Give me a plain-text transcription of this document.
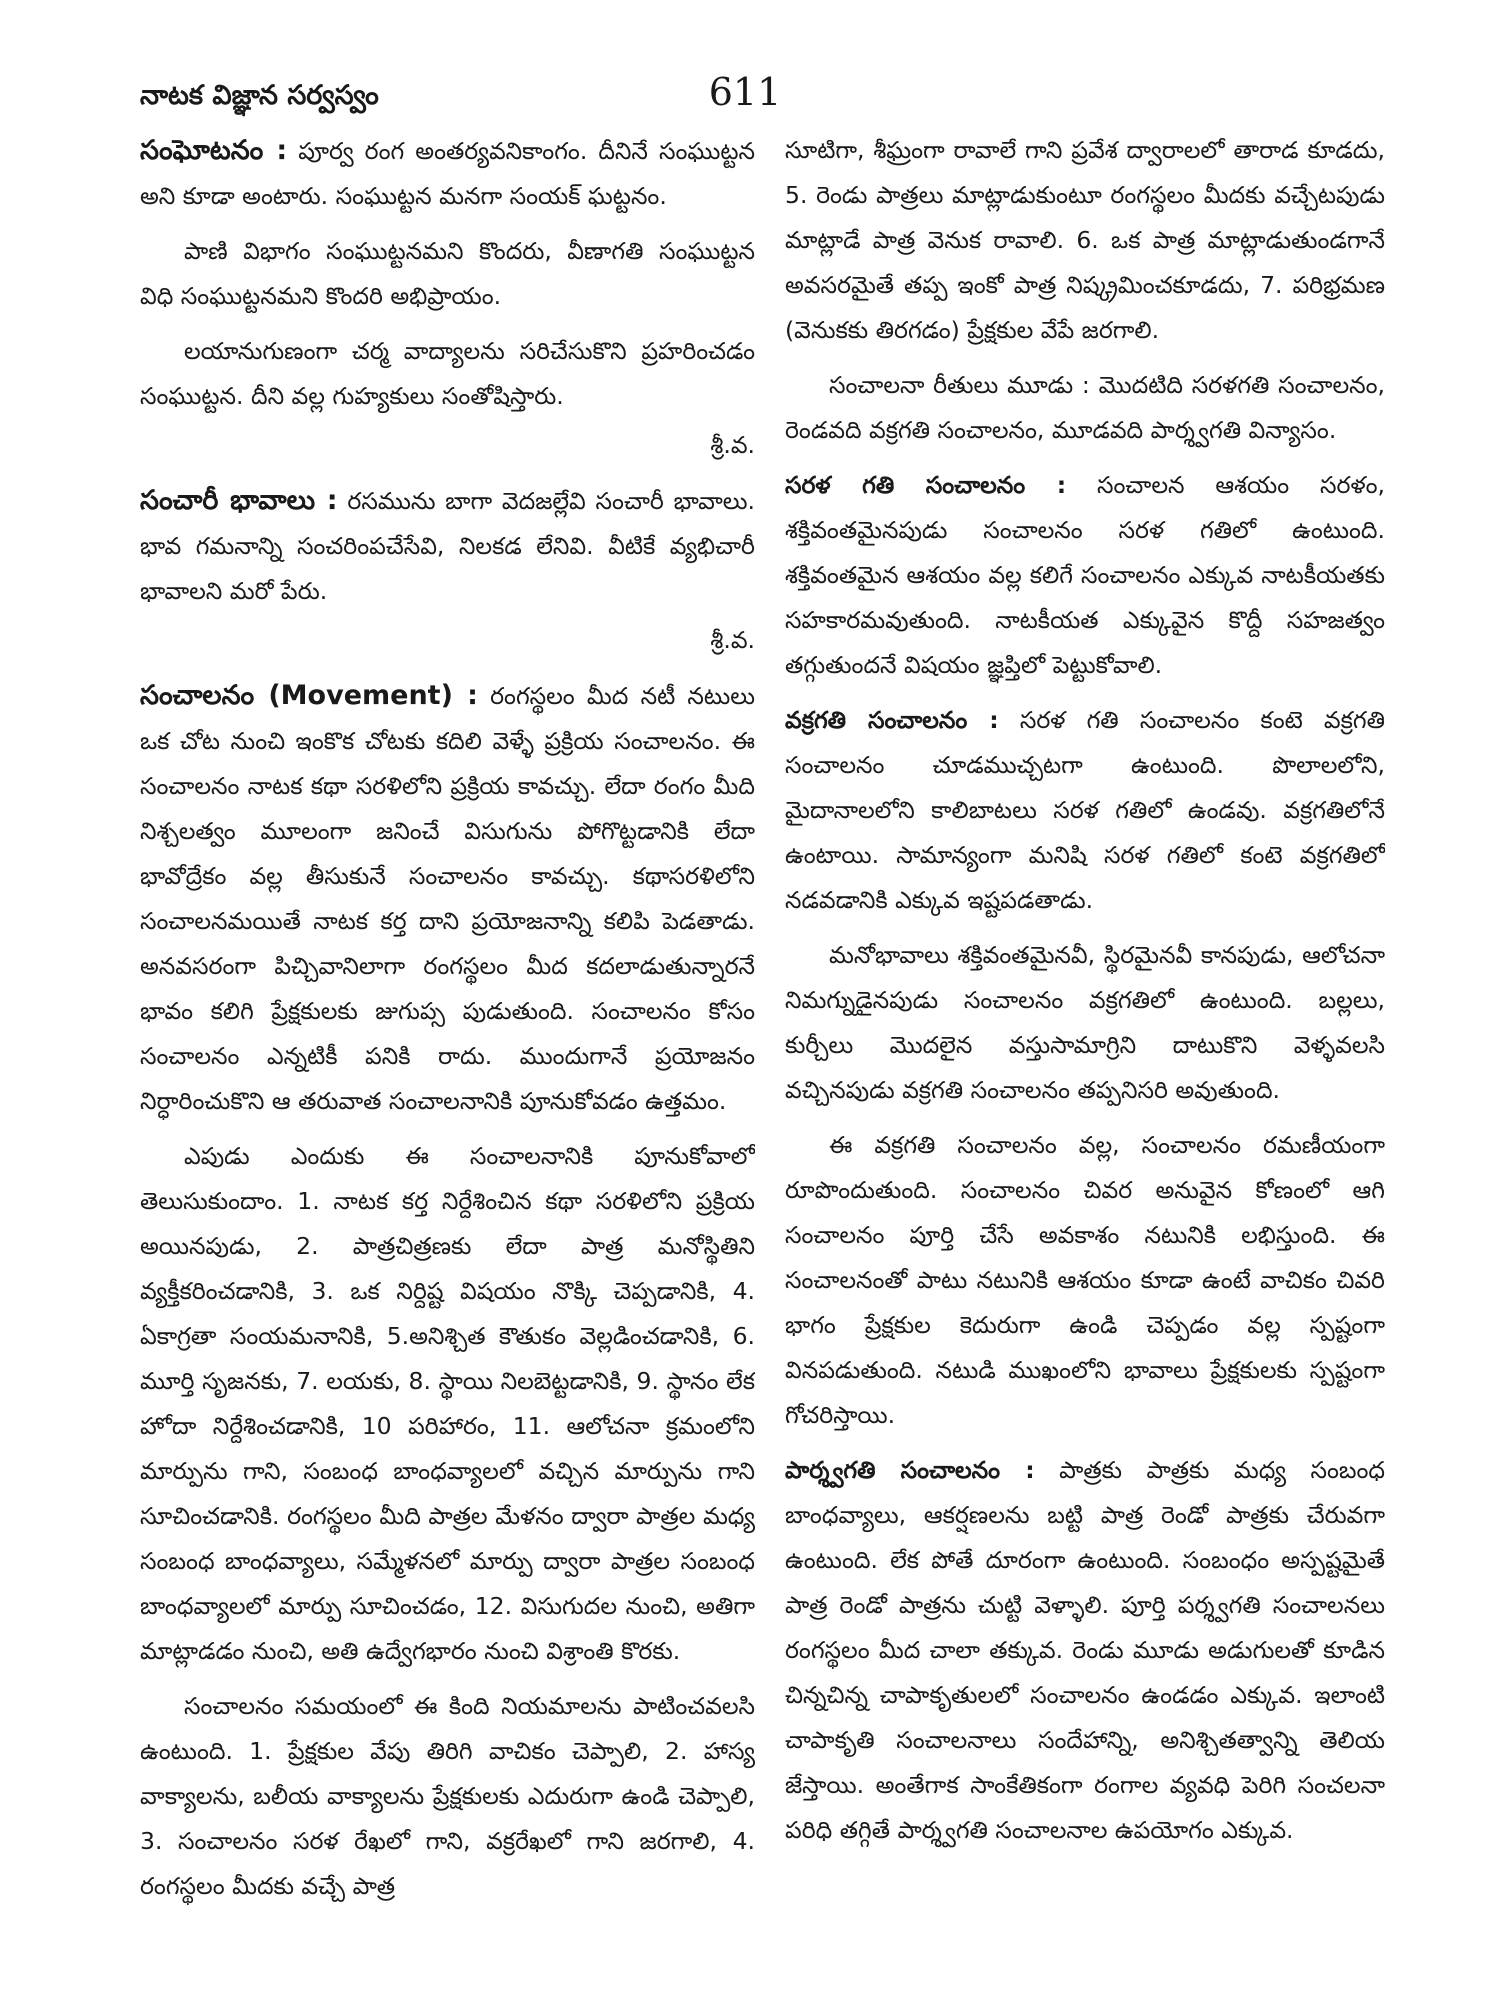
నాటక విజ్ఞాన సర్వస్వం	611

సంఘోటనం : పూర్వ రంగ అంతర్యవనికాంగం. దీనినే సంఘుట్టన అని కూడా అంటారు. సంఘుట్టన మనగా సంయక్ ఘట్టనం.

పాణి విభాగం సంఘుట్టనమని కొందరు, వీణాగతి సంఘుట్టన విధి సంఘుట్టనమని కొందరి అభిప్రాయం.

లయానుగుణంగా చర్మ వాద్యాలను సరిచేసుకొని ప్రహరించడం సంఘుట్టన. దీని వల్ల గుహ్యకులు సంతోషిస్తారు.

శ్రీ.వ.

సంచారీ భావాలు : రసమును బాగా వెదజల్లేవి సంచారీ భావాలు. భావ గమనాన్ని సంచరింపచేసేవి, నిలకడ లేనివి. వీటికే వ్యభిచారీ భావాలని మరో పేరు.

శ్రీ.వ.

సంచాలనం (Movement) : రంగస్థలం మీద నటీ నటులు ఒక చోట నుంచి ఇంకొక చోటకు కదిలి వెళ్ళే ప్రక్రియ సంచాలనం. ఈ సంచాలనం నాటక కథా సరళిలోని ప్రక్రియ కావచ్చు. లేదా రంగం మీది నిశ్చలత్వం మూలంగా జనించే విసుగును పోగొట్టడానికి లేదా భావోద్రేకం వల్ల తీసుకునే సంచాలనం కావచ్చు. కథాసరళిలోని సంచాలనమయితే నాటక కర్త దాని ప్రయోజనాన్ని కలిపి పెడతాడు. అనవసరంగా పిచ్చివానిలాగా రంగస్థలం మీద కదలాడుతున్నారనే భావం కలిగి ప్రేక్షకులకు జుగుప్స పుడుతుంది. సంచాలనం కోసం సంచాలనం ఎన్నటికీ పనికి రాదు. ముందుగానే ప్రయోజనం నిర్ధారించుకొని ఆ తరువాత సంచాలనానికి పూనుకోవడం ఉత్తమం.

ఎపుడు ఎందుకు ఈ సంచాలనానికి పూనుకోవాలో తెలుసుకుందాం. 1. నాటక కర్త నిర్దేశించిన కథా సరళిలోని ప్రక్రియ అయినపుడు, 2. పాత్రచిత్రణకు లేదా పాత్ర మనోస్థితిని వ్యక్తీకరించడానికి, 3. ఒక నిర్దిష్ట విషయం నొక్కి చెప్పడానికి, 4. ఏకాగ్రతా సంయమనానికి, 5.అనిశ్చిత కౌతుకం వెల్లడించడానికి, 6. మూర్తి సృజనకు, 7. లయకు, 8. స్థాయి నిలబెట్టడానికి, 9. స్థానం లేక హోదా నిర్దేశించడానికి, 10 పరిహారం, 11. ఆలోచనా క్రమంలోని మార్పును గాని, సంబంధ బాంధవ్యాలలో వచ్చిన మార్పును గాని సూచించడానికి. రంగస్థలం మీది పాత్రల మేళనం ద్వారా పాత్రల మధ్య సంబంధ బాంధవ్యాలు, సమ్మేళనలో మార్పు ద్వారా పాత్రల సంబంధ బాంధవ్యాలలో మార్పు సూచించడం, 12. విసుగుదల నుంచి, అతిగా మాట్లాడడం నుంచి, అతి ఉద్వేగభారం నుంచి విశ్రాంతి కొరకు.

సంచాలనం సమయంలో ఈ కింది నియమాలను పాటించవలసి ఉంటుంది. 1. ప్రేక్షకుల వేపు తిరిగి వాచికం చెప్పాలి, 2. హాస్య వాక్యాలను, బలీయ వాక్యాలను ప్రేక్షకులకు ఎదురుగా ఉండి చెప్పాలి, 3. సంచాలనం సరళ రేఖలో గాని, వక్రరేఖలో గాని జరగాలి, 4. రంగస్థలం మీదకు వచ్చే పాత్ర

సూటిగా, శీఘ్రంగా రావాలే గాని ప్రవేశ ద్వారాలలో తారాడ కూడదు, 5. రెండు పాత్రలు మాట్లాడుకుంటూ రంగస్థలం మీదకు వచ్చేటపుడు మాట్లాడే పాత్ర వెనుక రావాలి. 6. ఒక పాత్ర మాట్లాడుతుండగానే అవసరమైతే తప్ప ఇంకో పాత్ర నిష్క్రమించకూడదు, 7. పరిభ్రమణ (వెనుకకు తిరగడం) ప్రేక్షకుల వేపే జరగాలి.

సంచాలనా రీతులు మూడు : మొదటిది సరళగతి సంచాలనం, రెండవది వక్రగతి సంచాలనం, మూడవది పార్శ్వగతి విన్యాసం.

సరళ గతి సంచాలనం : సంచాలన ఆశయం సరళం, శక్తివంతమైనపుడు సంచాలనం సరళ గతిలో ఉంటుంది. శక్తివంతమైన ఆశయం వల్ల కలిగే సంచాలనం ఎక్కువ నాటకీయతకు సహకారమవుతుంది. నాటకీయత ఎక్కువైన కొద్దీ సహజత్వం తగ్గుతుందనే విషయం జ్ఞప్తిలో పెట్టుకోవాలి.

వక్రగతి సంచాలనం : సరళ గతి సంచాలనం కంటె వక్రగతి సంచాలనం చూడముచ్చటగా ఉంటుంది. పొలాలలోని, మైదానాలలోని కాలిబాటలు సరళ గతిలో ఉండవు. వక్రగతిలోనే ఉంటాయి. సామాన్యంగా మనిషి సరళ గతిలో కంటె వక్రగతిలో నడవడానికి ఎక్కువ ఇష్టపడతాడు.

మనోభావాలు శక్తివంతమైనవీ, స్థిరమైనవీ కానపుడు, ఆలోచనా నిమగ్నుడైనపుడు సంచాలనం వక్రగతిలో ఉంటుంది. బల్లలు, కుర్చీలు మొదలైన వస్తుసామాగ్రిని దాటుకొని వెళ్ళవలసి వచ్చినపుడు వక్రగతి సంచాలనం తప్పనిసరి అవుతుంది.

ఈ వక్రగతి సంచాలనం వల్ల, సంచాలనం రమణీయంగా రూపొందుతుంది. సంచాలనం చివర అనువైన కోణంలో ఆగి సంచాలనం పూర్తి చేసే అవకాశం నటునికి లభిస్తుంది. ఈ సంచాలనంతో పాటు నటునికి ఆశయం కూడా ఉంటే వాచికం చివరి భాగం ప్రేక్షకుల కెదురుగా ఉండి చెప్పడం వల్ల స్పష్టంగా వినపడుతుంది. నటుడి ముఖంలోని భావాలు ప్రేక్షకులకు స్పష్టంగా గోచరిస్తాయి.

పార్శ్వగతి సంచాలనం : పాత్రకు పాత్రకు మధ్య సంబంధ బాంధవ్యాలు, ఆకర్షణలను బట్టి పాత్ర రెండో పాత్రకు చేరువగా ఉంటుంది. లేక పోతే దూరంగా ఉంటుంది. సంబంధం అస్పష్టమైతే పాత్ర రెండో పాత్రను చుట్టి వెళ్ళాలి. పూర్తి పర్శ్వగతి సంచాలనలు రంగస్థలం మీద చాలా తక్కువ. రెండు మూడు అడుగులతో కూడిన చిన్నచిన్న చాపాకృతులలో సంచాలనం ఉండడం ఎక్కువ. ఇలాంటి చాపాకృతి సంచాలనాలు సందేహాన్ని, అనిశ్చితత్వాన్ని తెలియ జేస్తాయి. అంతేగాక సాంకేతికంగా రంగాల వ్యవధి పెరిగి సంచలనా పరిధి తగ్గితే పార్శ్వగతి సంచాలనాల ఉపయోగం ఎక్కువ.
